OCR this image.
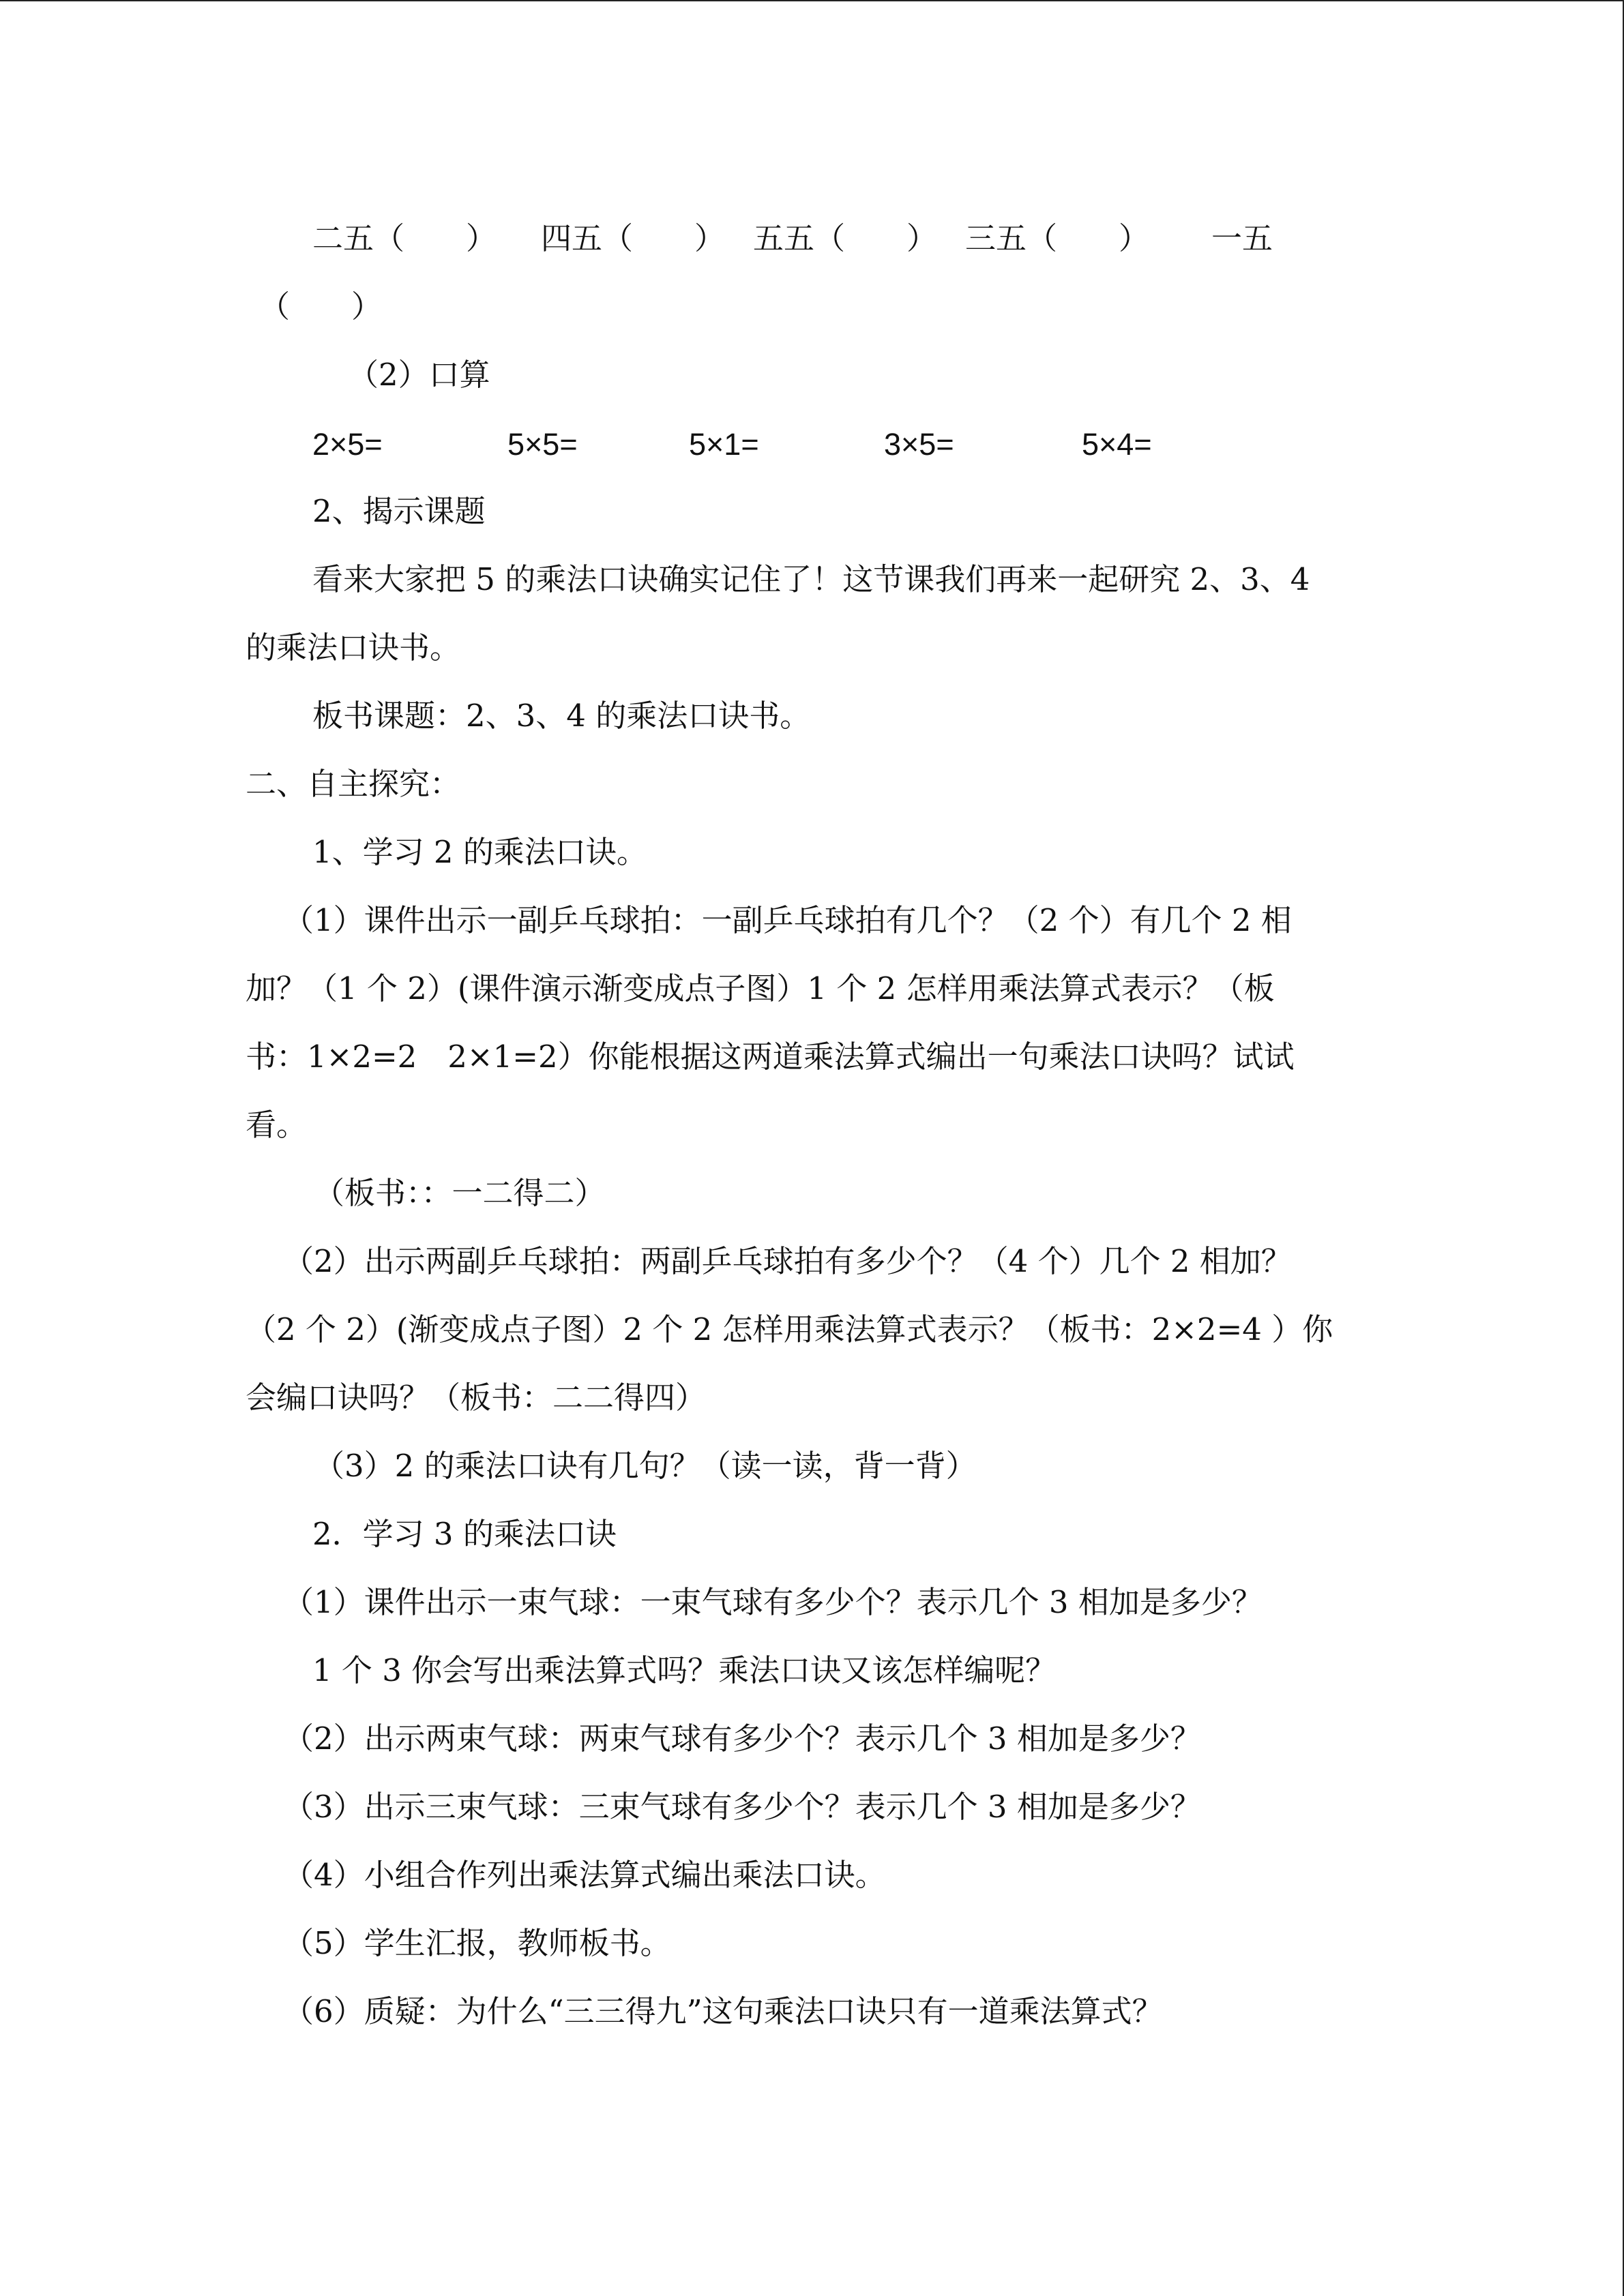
二五（　　） 四五（　　） 五五（　　） 三五（　　） 一五
（　　）

（2）口算

2×5=	5×5=	5×1=	3×5=	5×4=

2、揭示课题

看来大家把 5 的乘法口诀确实记住了！这节课我们再来一起研究 2、3、4

的乘法口诀书。

板书课题：2、3、4 的乘法口诀书。

二、自主探究：

1、学习 2 的乘法口诀。

（1）课件出示一副乒乓球拍：一副乒乓球拍有几个？（2 个）有几个 2 相

加？（1 个 2）(课件演示渐变成点子图）1 个 2 怎样用乘法算式表示？（板

书：1×2=2　2×1=2）你能根据这两道乘法算式编出一句乘法口诀吗？试试

看。

（板书：：一二得二）

（2）出示两副乒乓球拍：两副乒乓球拍有多少个？（4 个）几个 2 相加？

（2 个 2）(渐变成点子图）2 个 2 怎样用乘法算式表示？（板书：2×2=4 ）你

会编口诀吗？（板书：二二得四）

（3）2 的乘法口诀有几句？（读一读，背一背）

2．学习 3 的乘法口诀

（1）课件出示一束气球：一束气球有多少个？表示几个 3 相加是多少？

1 个 3 你会写出乘法算式吗？乘法口诀又该怎样编呢？

（2）出示两束气球：两束气球有多少个？表示几个 3 相加是多少？

（3）出示三束气球：三束气球有多少个？表示几个 3 相加是多少？

（4）小组合作列出乘法算式编出乘法口诀。

（5）学生汇报，教师板书。

（6）质疑：为什么“三三得九”这句乘法口诀只有一道乘法算式？
